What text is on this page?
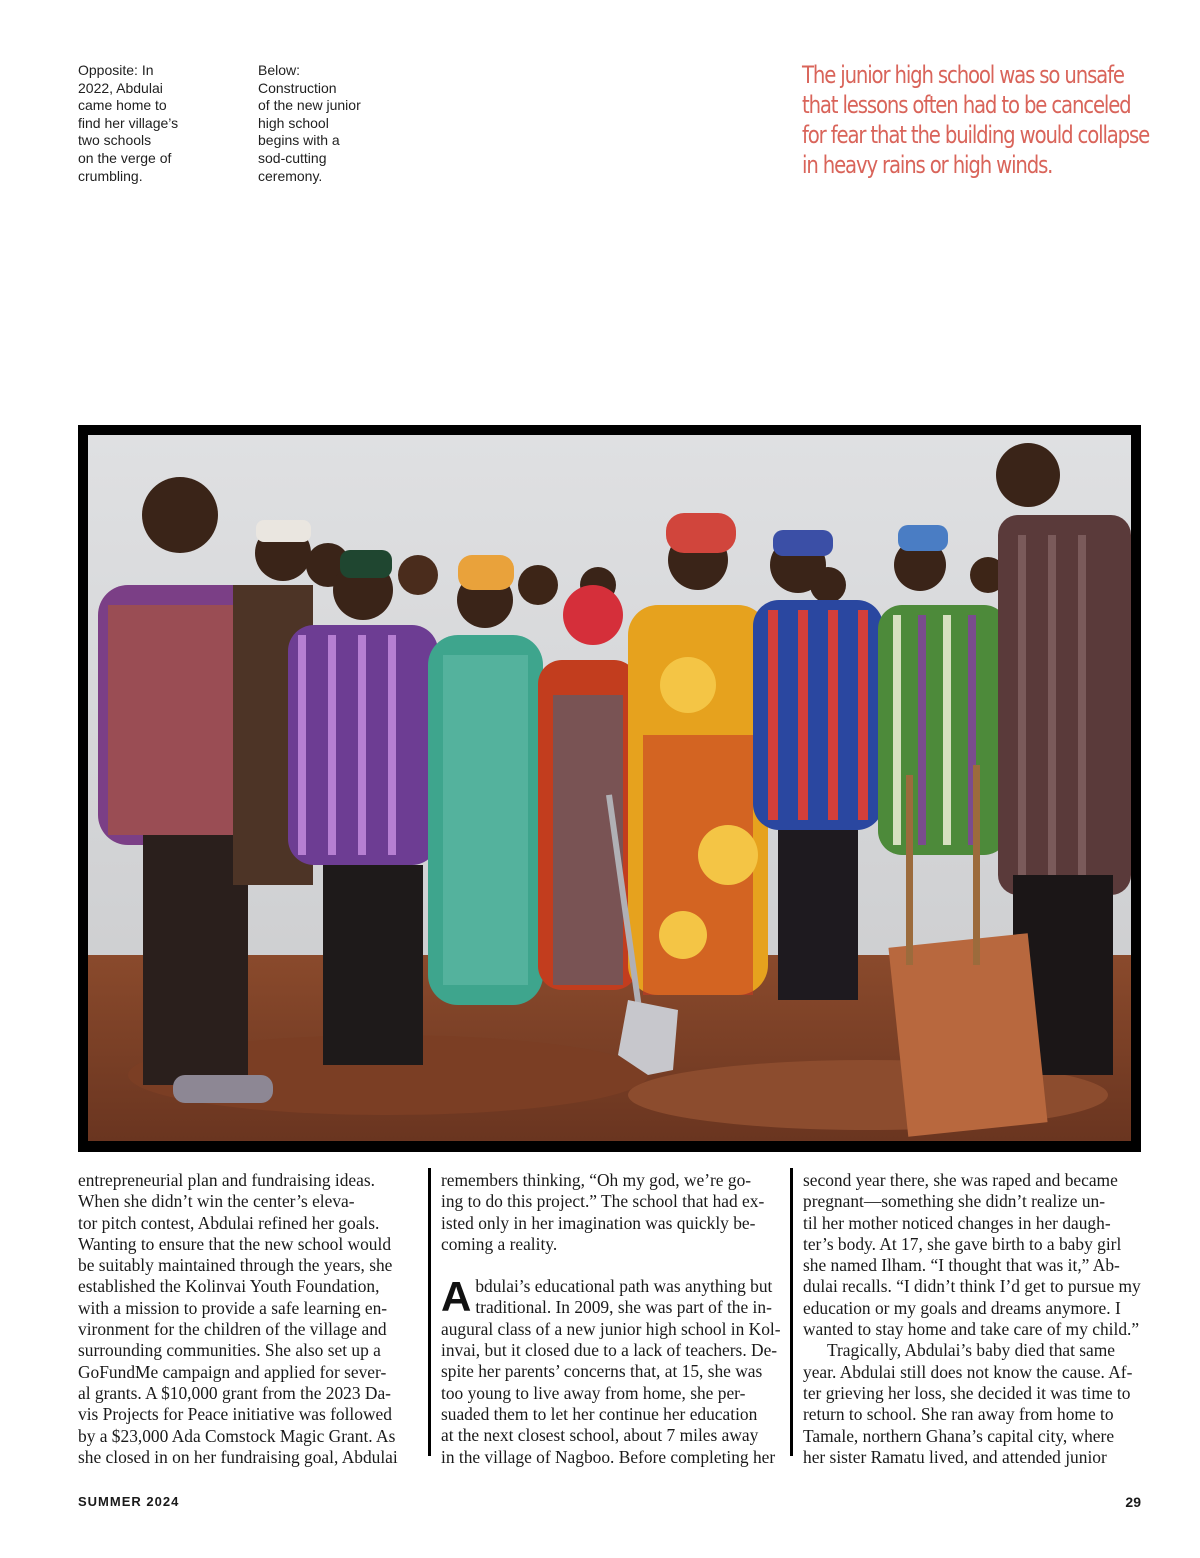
Opposite: In

2022, Abdulai

came home to

find her village’s

two schools

on the verge of

crumbling.

Below:

Construction

of the new junior

high school

begins with a

sod-cutting

ceremony.

The junior high school was so unsafe
that lessons often had to be canceled
for fear that the building would collapse
in heavy rains or high winds.

entrepreneurial plan and fundraising ideas.

When she didn’t win the center’s eleva-

tor pitch contest, Abdulai refined her goals.

Wanting to ensure that the new school would

be suitably maintained through the years, she

established the Kolinvai Youth Foundation,

with a mission to provide a safe learning en-

vironment for the children of the village and

surrounding communities. She also set up a

GoFundMe campaign and applied for sever-

al grants. A $10,000 grant from the 2023 Da-

vis Projects for Peace initiative was followed

by a $23,000 Ada Comstock Magic Grant. As

she closed in on her fundraising goal, Abdulai

remembers thinking, “Oh my god, we’re go-

ing to do this project.” The school that had ex-

isted only in her imagination was quickly be-

coming a reality.

A bdulai’s educational path was anything but

traditional. In 2009, she was part of the in-

augural class of a new junior high school in Kol-

invai, but it closed due to a lack of teachers. De-

spite her parents’ concerns that, at 15, she was

too young to live away from home, she per-

suaded them to let her continue her education

at the next closest school, about 7 miles away

in the village of Nagboo. Before completing her

second year there, she was raped and became

pregnant—something she didn’t realize un-

til her mother noticed changes in her daugh-

ter’s body. At 17, she gave birth to a baby girl

she named Ilham. “I thought that was it,” Ab-

dulai recalls. “I didn’t think I’d get to pursue my

education or my goals and dreams anymore. I

wanted to stay home and take care of my child.”

Tragically, Abdulai’s baby died that same

year. Abdulai still does not know the cause. Af-

ter grieving her loss, she decided it was time to

return to school. She ran away from home to

Tamale, northern Ghana’s capital city, where

her sister Ramatu lived, and attended junior

SUMMER 2024	29
